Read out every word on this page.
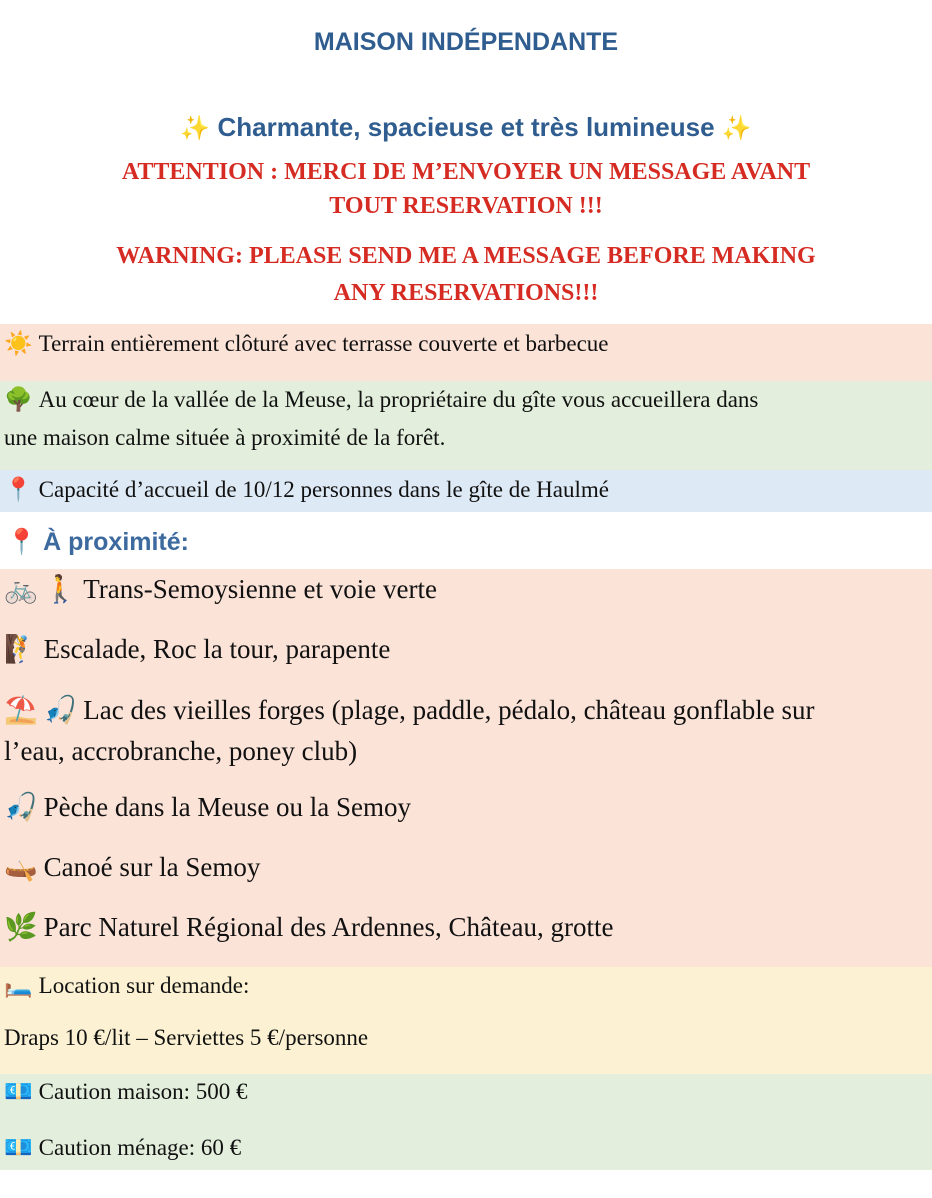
MAISON INDÉPENDANTE
✨ Charmante, spacieuse et très lumineuse ✨
ATTENTION : MERCI DE M’ENVOYER UN MESSAGE AVANT
TOUT RESERVATION !!!
WARNING: PLEASE SEND ME A MESSAGE BEFORE MAKING
ANY RESERVATIONS!!!
☀️ Terrain entièrement clôturé avec terrasse couverte et barbecue
🌳 Au cœur de la vallée de la Meuse, la propriétaire du gîte vous accueillera dans
une maison calme située à proximité de la forêt.
📍 Capacité d’accueil de 10/12 personnes dans le gîte de Haulmé
📍 À proximité:
🚲 🚶 Trans-Semoysienne et voie verte
🧗 Escalade, Roc la tour, parapente
⛱️ 🎣 Lac des vieilles forges (plage, paddle, pédalo, château gonflable sur
l’eau, accrobranche, poney club)
🎣 Pèche dans la Meuse ou la Semoy
🛶 Canoé sur la Semoy
🌿 Parc Naturel Régional des Ardennes, Château, grotte
🛏️ Location sur demande:
Draps 10 €/lit – Serviettes 5 €/personne
💶 Caution maison: 500 €
💶 Caution ménage: 60 €
